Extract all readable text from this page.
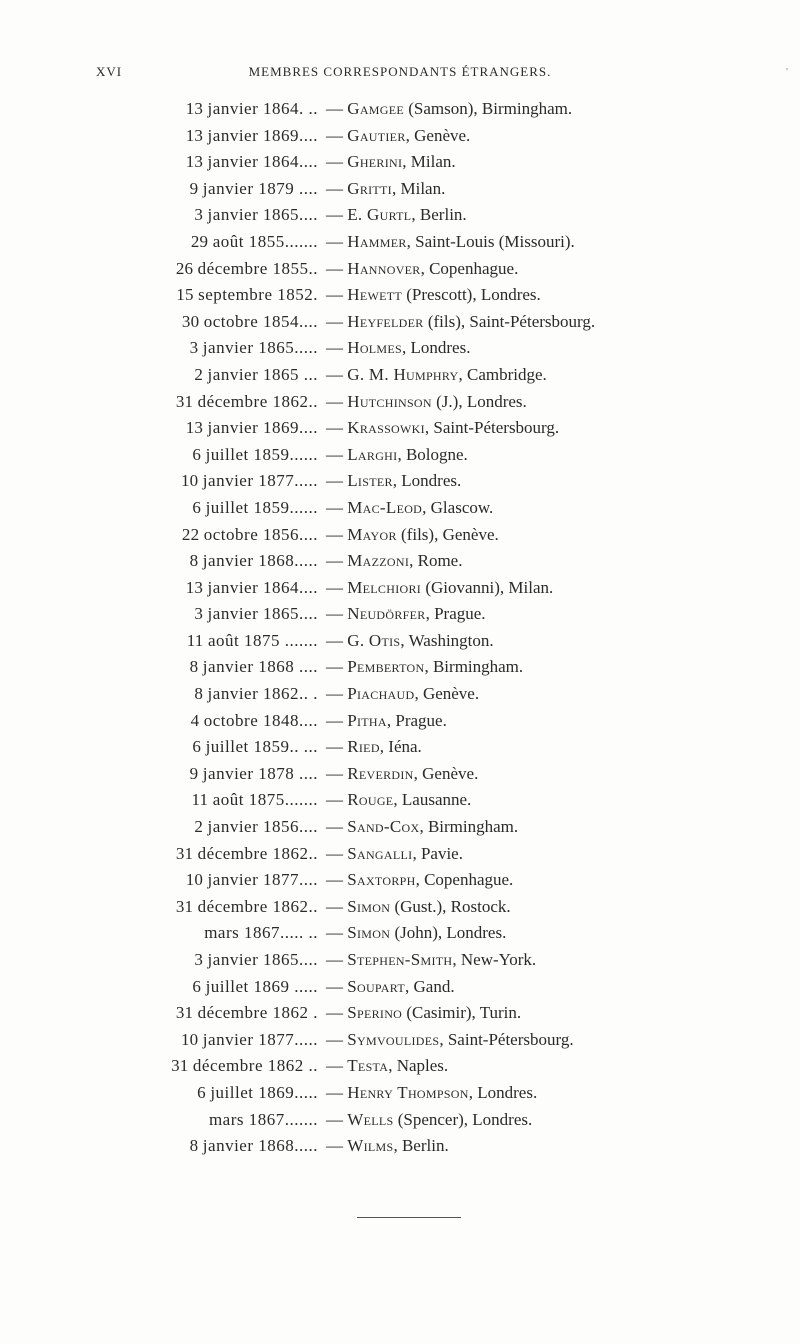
XVI	MEMBRES CORRESPONDANTS ÉTRANGERS.	'
13 janvier 1864. .. — Gamgee (Samson), Birmingham.
13 janvier 1869.... — Gautier, Genève.
13 janvier 1864.... — Gherini, Milan.
9 janvier 1879 .... — Gritti, Milan.
3 janvier 1865.... — E. Gurtl, Berlin.
29 août 1855....... — Hammer, Saint-Louis (Missouri).
26 décembre 1855.. — Hannover, Copenhague.
15 septembre 1852. — Hewett (Prescott), Londres.
30 octobre 1854.... — Heyfelder (fils), Saint-Pétersbourg.
3 janvier 1865..... — Holmes, Londres.
2 janvier 1865 ... — G. M. Humphry, Cambridge.
31 décembre 1862.. — Hutchinson (J.), Londres.
13 janvier 1869.... — Krassowki, Saint-Pétersbourg.
6 juillet 1859...... — Larghi, Bologne.
10 janvier 1877..... — Lister, Londres.
6 juillet 1859...... — Mac-Leod, Glascow.
22 octobre 1856.... — Mayor (fils), Genève.
8 janvier 1868..... — Mazzoni, Rome.
13 janvier 1864.... — Melchiori (Giovanni), Milan.
3 janvier 1865.... — Neudörfer, Prague.
11 août 1875 ....... — G. Otis, Washington.
8 janvier 1868 .... — Pemberton, Birmingham.
8 janvier 1862.. . — Piachaud, Genève.
4 octobre 1848.... — Pitha, Prague.
6 juillet 1859.. ... — Ried, Iéna.
9 janvier 1878 .... — Reverdin, Genève.
11 août 1875....... — Rouge, Lausanne.
2 janvier 1856.... — Sand-Cox, Birmingham.
31 décembre 1862.. — Sangalli, Pavie.
10 janvier 1877.... — Saxtorph, Copenhague.
31 décembre 1862.. — Simon (Gust.), Rostock.
mars 1867..... .. — Simon (John), Londres.
3 janvier 1865.... — Stephen-Smith, New-York.
6 juillet 1869 ..... — Soupart, Gand.
31 décembre 1862 . — Sperino (Casimir), Turin.
10 janvier 1877..... — Symvoulides, Saint-Pétersbourg.
31 décembre 1862 .. — Testa, Naples.
6 juillet 1869..... — Henry Thompson, Londres.
mars 1867....... — Wells (Spencer), Londres.
8 janvier 1868..... — Wilms, Berlin.
